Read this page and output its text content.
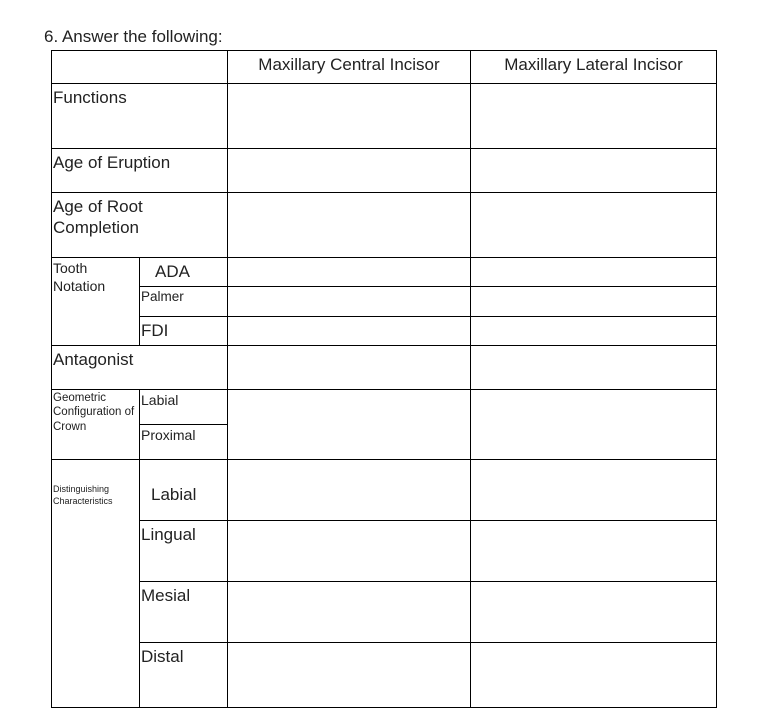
6. Answer the following:
Maxillary Central Incisor	Maxillary Lateral Incisor
Functions
Age of Eruption
Age of Root
Completion
Tooth
Notation
ADA
Palmer
FDI
Antagonist
Geometric
Configuration of
Crown
Labial
Proximal
Distinguishing
Characteristics Labial
Lingual
Mesial
Distal
